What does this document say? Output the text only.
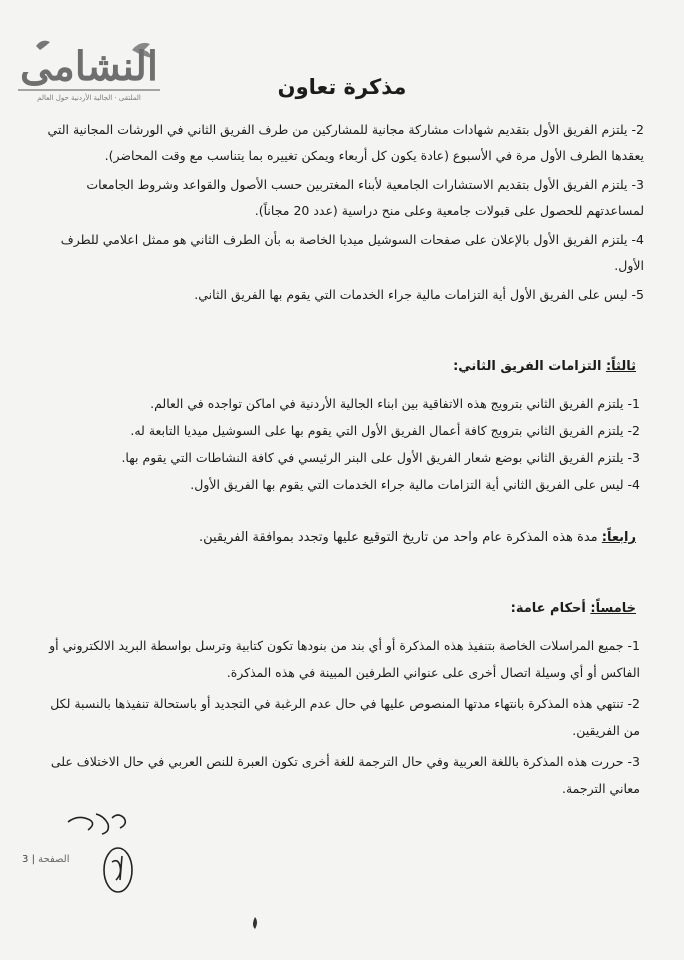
النشامى
الملتقى · الجالية الأردنية حول العالم	مذكرة تعاون
2-يلتزم الفريق الأول بتقديم شهادات مشاركة مجانية للمشاركين من طرف الفريق الثاني في الورشات المجانية التي يعقدها الطرف الأول مرة في الأسبوع (عادة يكون كل أربعاء ويمكن تغييره بما يتناسب مع وقت المحاضر).
3-يلتزم الفريق الأول بتقديم الاستشارات الجامعية لأبناء المغتربين حسب الأصول والقواعد وشروط الجامعات لمساعدتهم للحصول على قبولات جامعية وعلى منح دراسية (عدد 20 مجاناً).
4-يلتزم الفريق الأول بالإعلان على صفحات السوشيل ميديا الخاصة به بأن الطرف الثاني هو ممثل اعلامي للطرف الأول.
5-ليس على الفريق الأول أية التزامات مالية جراء الخدمات التي يقوم بها الفريق الثاني.
ثالثاً: التزامات الفريق الثاني:
1-يلتزم الفريق الثاني بترويج هذه الاتفاقية بين ابناء الجالية الأردنية في اماكن تواجده في العالم.
2-يلتزم الفريق الثاني بترويج كافة أعمال الفريق الأول التي يقوم بها على السوشيل ميديا التابعة له.
3-يلتزم الفريق الثاني بوضع شعار الفريق الأول على البنر الرئيسي في كافة النشاطات التي يقوم بها.
4-ليس على الفريق الثاني أية التزامات مالية جراء الخدمات التي يقوم بها الفريق الأول.

رابعاً: مدة هذه المذكرة عام واحد من تاريخ التوقيع عليها وتجدد بموافقة الفريقين.

خامساً: أحكام عامة:
1-جميع المراسلات الخاصة بتنفيذ هذه المذكرة أو أي بند من بنودها تكون كتابية وترسل بواسطة البريد الالكتروني أو الفاكس أو أي وسيلة اتصال أخرى على عنواني الطرفين المبينة في هذه المذكرة.
2-تنتهي هذه المذكرة بانتهاء مدتها المنصوص عليها في حال عدم الرغبة في التجديد أو باستحالة تنفيذها بالنسبة لكل من الفريقين.
3-حررت هذه المذكرة باللغة العربية وفي حال الترجمة للغة أخرى تكون العبرة للنص العربي في حال الاختلاف على معاني الترجمة.
الصفحة | 3
